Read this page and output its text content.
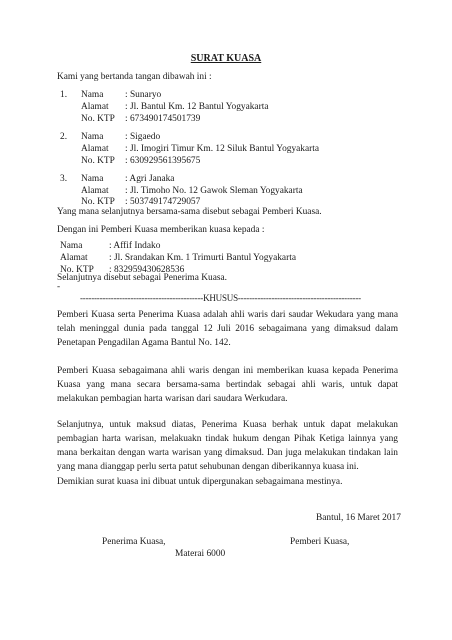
SURAT KUASA
Kami yang bertanda tangan dibawah ini :
1.	Nama : Sunaryo
Alamat : Jl. Bantul Km. 12 Bantul Yogyakarta
No. KTP : 673490174501739
2.	Nama : Sigaedo
Alamat : Jl. Imogiri Timur Km. 12 Siluk Bantul Yogyakarta
No. KTP : 630929561395675
3.	Nama : Agri Janaka
Alamat : Jl. Timoho No. 12 Gawok Sleman Yogyakarta
No. KTP : 503749174729057
Yang mana selanjutnya bersama-sama disebut sebagai Pemberi Kuasa.
Dengan ini Pemberi Kuasa memberikan kuasa kepada :
Nama	: Affif Indako
Alamat : Jl. Srandakan Km. 1 Trimurti Bantul Yogyakarta
No. KTP : 832959430628536
Selanjutnya disebut sebagai Penerima Kuasa.
-
--------------------------------------------KHUSUS--------------------------------------------
Pemberi Kuasa serta Penerima Kuasa adalah ahli waris dari saudar Wekudara yang mana telah meninggal dunia pada tanggal 12 Juli 2016 sebagaimana yang dimaksud dalam Penetapan Pengadilan Agama Bantul No. 142.
Pemberi Kuasa sebagaimana ahli waris dengan ini memberikan kuasa kepada Penerima Kuasa yang mana secara bersama-sama bertindak sebagai ahli waris, untuk dapat melakukan pembagian harta warisan dari saudara Werkudara.
Selanjutnya, untuk maksud diatas, Penerima Kuasa berhak untuk dapat melakukan pembagian harta warisan, melakuakn tindak hukum dengan Pihak Ketiga lainnya yang mana berkaitan dengan warta warisan yang dimaksud. Dan juga melakukan tindakan lain yang mana dianggap perlu serta patut sehubunan dengan diberikannya kuasa ini.
Demikian surat kuasa ini dibuat untuk dipergunakan sebagaimana mestinya.
Bantul, 16 Maret 2017
Penerima Kuasa,	Pemberi Kuasa,
Materai 6000
